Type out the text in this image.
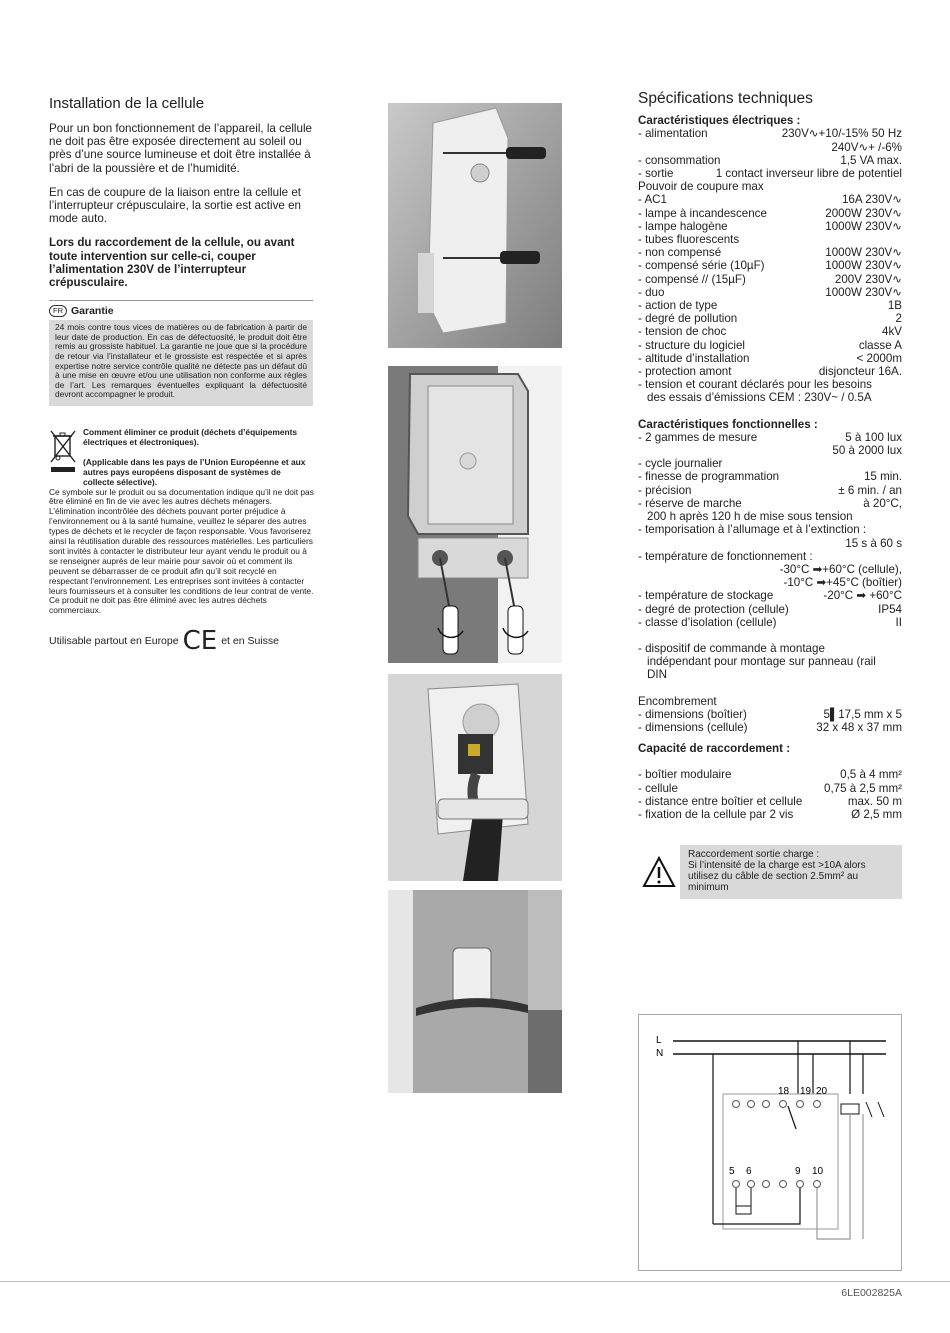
Installation de la cellule

Pour un bon fonctionnement de l’appareil, la cellule ne doit pas être exposée directement au soleil ou près d’une source lumineuse et doit être installée à l’abri de la poussière et de l’humidité.

En cas de coupure de la liaison entre la cellule et l’interrupteur crépusculaire, la sortie est active en mode auto.

Lors du raccordement de la cellule, ou avant toute intervention sur celle-ci, couper l’alimentation 230V de l’interrupteur crépusculaire.

FR Garantie
24 mois contre tous vices de matières ou de fabrication à partir de leur date de production. En cas de défectuosité, le produit doit être remis au grossiste habituel. La garantie ne joue que si la procédure de retour via l’installateur et le grossiste est respectée et si après expertise notre service contrôle qualité ne détecte pas un défaut dû à une mise en œuvre et/ou une utilisation non conforme aux règles de l’art. Les remarques éventuelles expliquant la défectuosité devront accompagner le produit.
Comment éliminer ce produit (déchets d’équipements électriques et électroniques).
(Applicable dans les pays de l’Union Européenne et aux autres pays européens disposant de systèmes de collecte sélective).
Ce symbole sur le produit ou sa documentation indique qu’il ne doit pas être éliminé en fin de vie avec les autres déchets ménagers. L’élimination incontrôlée des déchets pouvant porter préjudice à l’environnement ou à la santé humaine, veuillez le séparer des autres types de déchets et le recycler de façon responsable. Vous favoriserez ainsi la réutilisation durable des ressources matérielles. Les particuliers sont invités à contacter le distributeur leur ayant vendu le produit ou à se renseigner auprès de leur mairie pour savoir où et comment ils peuvent se débarrasser de ce produit afin qu’il soit recyclé en respectant l’environnement. Les entreprises sont invitées à contacter leurs fournisseurs et à consulter les conditions de leur contrat de vente. Ce produit ne doit pas être éliminé avec les autres déchets commerciaux.
Utilisable partout en Europe CE et en Suisse
Spécifications techniques
Caractéristiques électriques :
- alimentation	230V∿+10/-15% 50 Hz
240V∿+ /-6%
- consommation	1,5 VA max.
- sortie	1 contact inverseur libre de potentiel
Pouvoir de coupure max
- AC1	16A 230V∿
- lampe à incandescence	2000W 230V∿
- lampe halogène	1000W 230V∿
- tubes fluorescents
- non compensé	1000W 230V∿
- compensé série (10µF)	1000W 230V∿
- compensé // (15µF)	200V 230V∿
- duo	1000W 230V∿
- action de type	1B
- degré de pollution	2
- tension de choc	4kV
- structure du logiciel	classe A
- altitude d’installation	< 2000m
- protection amont	disjoncteur 16A.
- tension et courant déclarés pour les besoins
des essais d’émissions CEM : 230V~ / 0.5A
Caractéristiques fonctionnelles :
- 2 gammes de mesure	5 à 100 lux
50 à 2000 lux
- cycle journalier
- finesse de programmation	15 min.
- précision	± 6 min. / an
- réserve de marche	à 20°C,
200 h après 120 h de mise sous tension
- temporisation à l’allumage et à l’extinction :
15 s à 60 s
- température de fonctionnement :
-30°C ➡+60°C (cellule),
-10°C ➡+45°C (boîtier)
- température de stockage	-20°C ➡ +60°C
- degré de protection (cellule)	IP54
- classe d’isolation (cellule)	II
- dispositif de commande à montage
indépendant pour montage sur panneau (rail
DIN
Encombrement
- dimensions (boîtier)	5▌17,5 mm x 5
- dimensions (cellule)	32 x 48 x 37 mm
Capacité de raccordement :
- boîtier modulaire	0,5 à 4 mm²
- cellule	0,75 à 2,5 mm²
- distance entre boîtier et cellule	max. 50 m
- fixation de la cellule par 2 vis	Ø 2,5 mm
Raccordement sortie charge :
Si l’intensité de la charge est >10A alors utilisez du câble de section 2.5mm² au minimum
L
N
18 19 20
5 6	9 10
6LE002825A
